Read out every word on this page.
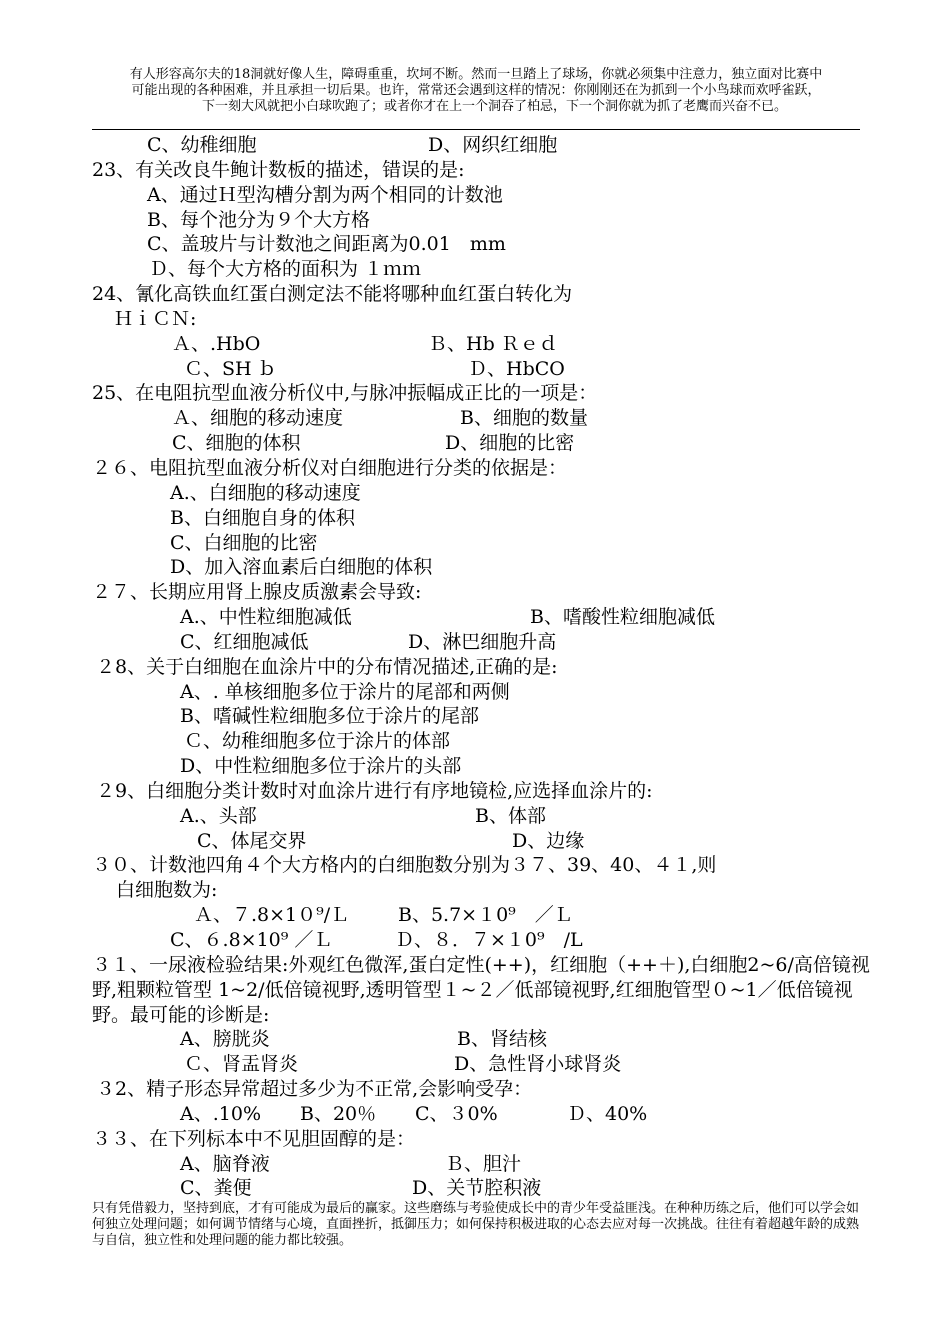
有人形容高尔夫的18洞就好像人生，障碍重重，坎坷不断。然而一旦踏上了球场，你就必须集中注意力，独立面对比赛中
可能出现的各种困难，并且承担一切后果。也许，常常还会遇到这样的情况：你刚刚还在为抓到一个小鸟球而欢呼雀跃，
下一刻大风就把小白球吹跑了；或者你才在上一个洞吞了柏忌，下一个洞你就为抓了老鹰而兴奋不已。
C、幼稚细胞	D、网织红细胞
23、有关改良牛鲍计数板的描述，错误的是:
A、通过Ｈ型沟槽分割为两个相同的计数池
B、每个池分为９个大方格
C、盖玻片与计数池之间距离为0.01　mm
Ｄ、每个大方格的面积为 １ｍｍ
24、氰化高铁血红蛋白测定法不能将哪种血红蛋白转化为
ＨｉＣＮ:
Ａ、.HbO	Ｂ、Hb Ｒｅｄ
Ｃ、SH ｂ	Ｄ、HbCO
25、在电阻抗型血液分析仪中,与脉冲振幅成正比的一项是：
Ａ、细胞的移动速度	B、细胞的数量
C、细胞的体积	D、细胞的比密
２６、电阻抗型血液分析仪对白细胞进行分类的依据是：
A.、白细胞的移动速度
B、白细胞自身的体积
C、白细胞的比密
D、加入溶血素后白细胞的体积
２７、长期应用肾上腺皮质激素会导致:
A.、中性粒细胞减低	B、嗜酸性粒细胞减低
C、红细胞减低	D、淋巴细胞升高
２8、关于白细胞在血涂片中的分布情况描述,正确的是:
A、. 单核细胞多位于涂片的尾部和两侧
B、嗜碱性粒细胞多位于涂片的尾部
Ｃ、幼稚细胞多位于涂片的体部
D、中性粒细胞多位于涂片的头部
２9、白细胞分类计数时对血涂片进行有序地镜检,应选择血涂片的:
A.、头部	B、体部
C、体尾交界	D、边缘
３０、计数池四角４个大方格内的白细胞数分别为３７、39、40、４１,则
白细胞数为:
Ａ、７.8×1０⁹/Ｌ	B、5.7×１0⁹　／Ｌ
C、６.8×10⁹ ／Ｌ	Ｄ、８．７×１0⁹　/L
３１、一尿液检验结果:外观红色微浑,蛋白定性(++)，红细胞（++＋),白细胞2~6/高倍镜视野,粗颗粒管型 1~2/低倍镜视野,透明管型１~２／低部镜视野,红细胞管型０~1／低倍镜视野。最可能的诊断是:
A、膀胱炎	B、肾结核
Ｃ、肾盂肾炎	D、急性肾小球肾炎
３2、精子形态异常超过多少为不正常,会影响受孕：
A、.10% B、20％ C、３0%	Ｄ、40%
３３、在下列标本中不见胆固醇的是：
A、脑脊液	Ｂ、胆汁
C、粪便	D、关节腔积液
只有凭借毅力，坚持到底，才有可能成为最后的赢家。这些磨练与考验使成长中的青少年受益匪浅。在种种历练之后，他们可以学会如何独立处理问题；如何调节情绪与心境，直面挫折，抵御压力；如何保持积极进取的心态去应对每一次挑战。往往有着超越年龄的成熟与自信，独立性和处理问题的能力都比较强。
